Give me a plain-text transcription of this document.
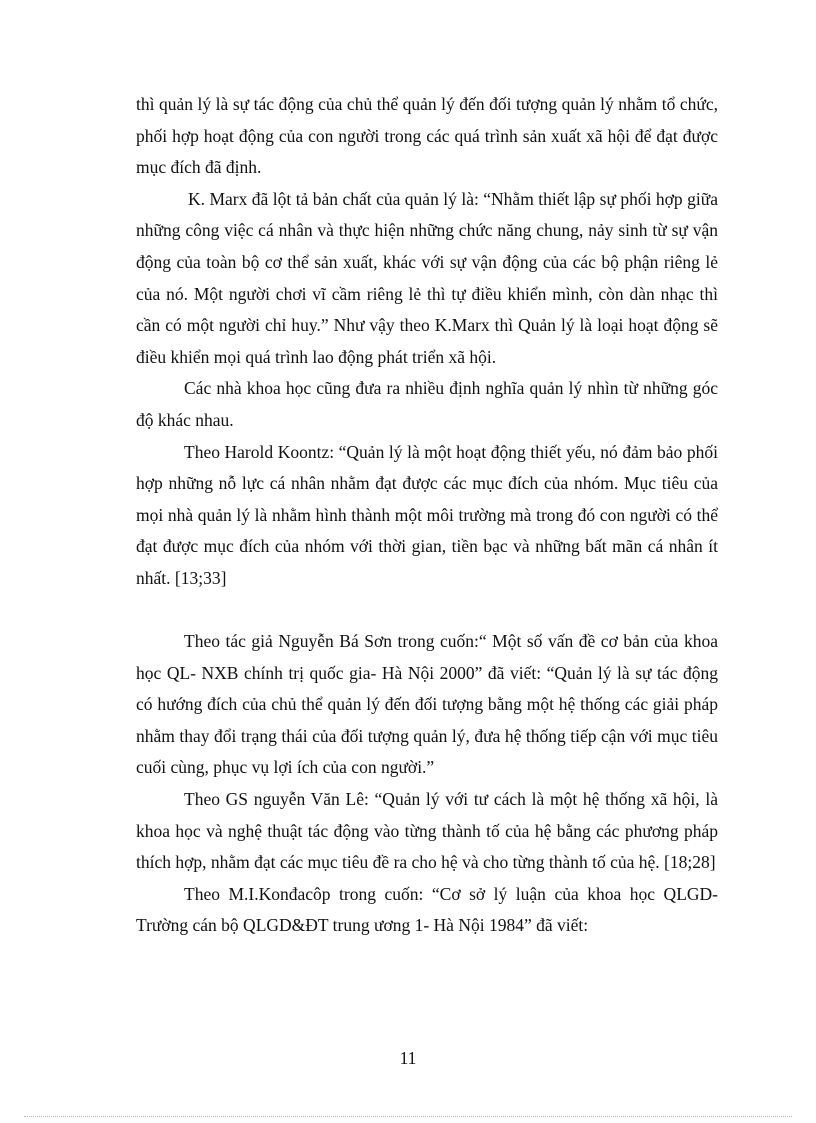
thì quản lý là sự tác động của chủ thể quản lý đến đối tượng quản lý nhằm tổ chức, phối hợp hoạt động của con người trong các quá trình sản xuất xã hội để đạt được mục đích đã định.

K. Marx đã lột tả bản chất của quản lý là: “Nhằm thiết lập sự phối hợp giữa những công việc cá nhân và thực hiện những chức năng chung, nảy sinh từ sự vận động của toàn bộ cơ thể sản xuất, khác với sự vận động của các bộ phận riêng lẻ của nó. Một người chơi vĩ cầm riêng lẻ thì tự điều khiển mình, còn dàn nhạc thì cần có một người chỉ huy.” Như vậy theo K.Marx thì Quản lý là loại hoạt động sẽ điều khiển mọi quá trình lao động phát triển xã hội.

Các nhà khoa học cũng đưa ra nhiều định nghĩa quản lý nhìn từ những góc độ khác nhau.

Theo Harold Koontz: “Quản lý là một hoạt động thiết yếu, nó đảm bảo phối hợp những nỗ lực cá nhân nhằm đạt được các mục đích của nhóm. Mục tiêu của mọi nhà quản lý là nhằm hình thành một môi trường mà trong đó con người có thể đạt được mục đích của nhóm với thời gian, tiền bạc và những bất mãn cá nhân ít nhất. [13;33]

Theo tác giả Nguyễn Bá Sơn trong cuốn:“ Một số vấn đề cơ bản của khoa học QL- NXB chính trị quốc gia- Hà Nội 2000” đã viết: “Quản lý là sự tác động có hướng đích của chủ thể quản lý đến đối tượng bằng một hệ thống các giải pháp nhằm thay đổi trạng thái của đối tượng quản lý, đưa hệ thống tiếp cận với mục tiêu cuối cùng, phục vụ lợi ích của con người.”

Theo GS nguyễn Văn Lê: “Quản lý với tư cách là một hệ thống xã hội, là khoa học và nghệ thuật tác động vào từng thành tố của hệ bằng các phương pháp thích hợp, nhằm đạt các mục tiêu đề ra cho hệ và cho từng thành tố của hệ. [18;28]

Theo M.I.Konđacôp trong cuốn: “Cơ sở lý luận của khoa học QLGD- Trường cán bộ QLGD&ĐT trung ương 1- Hà Nội 1984” đã viết:

11
